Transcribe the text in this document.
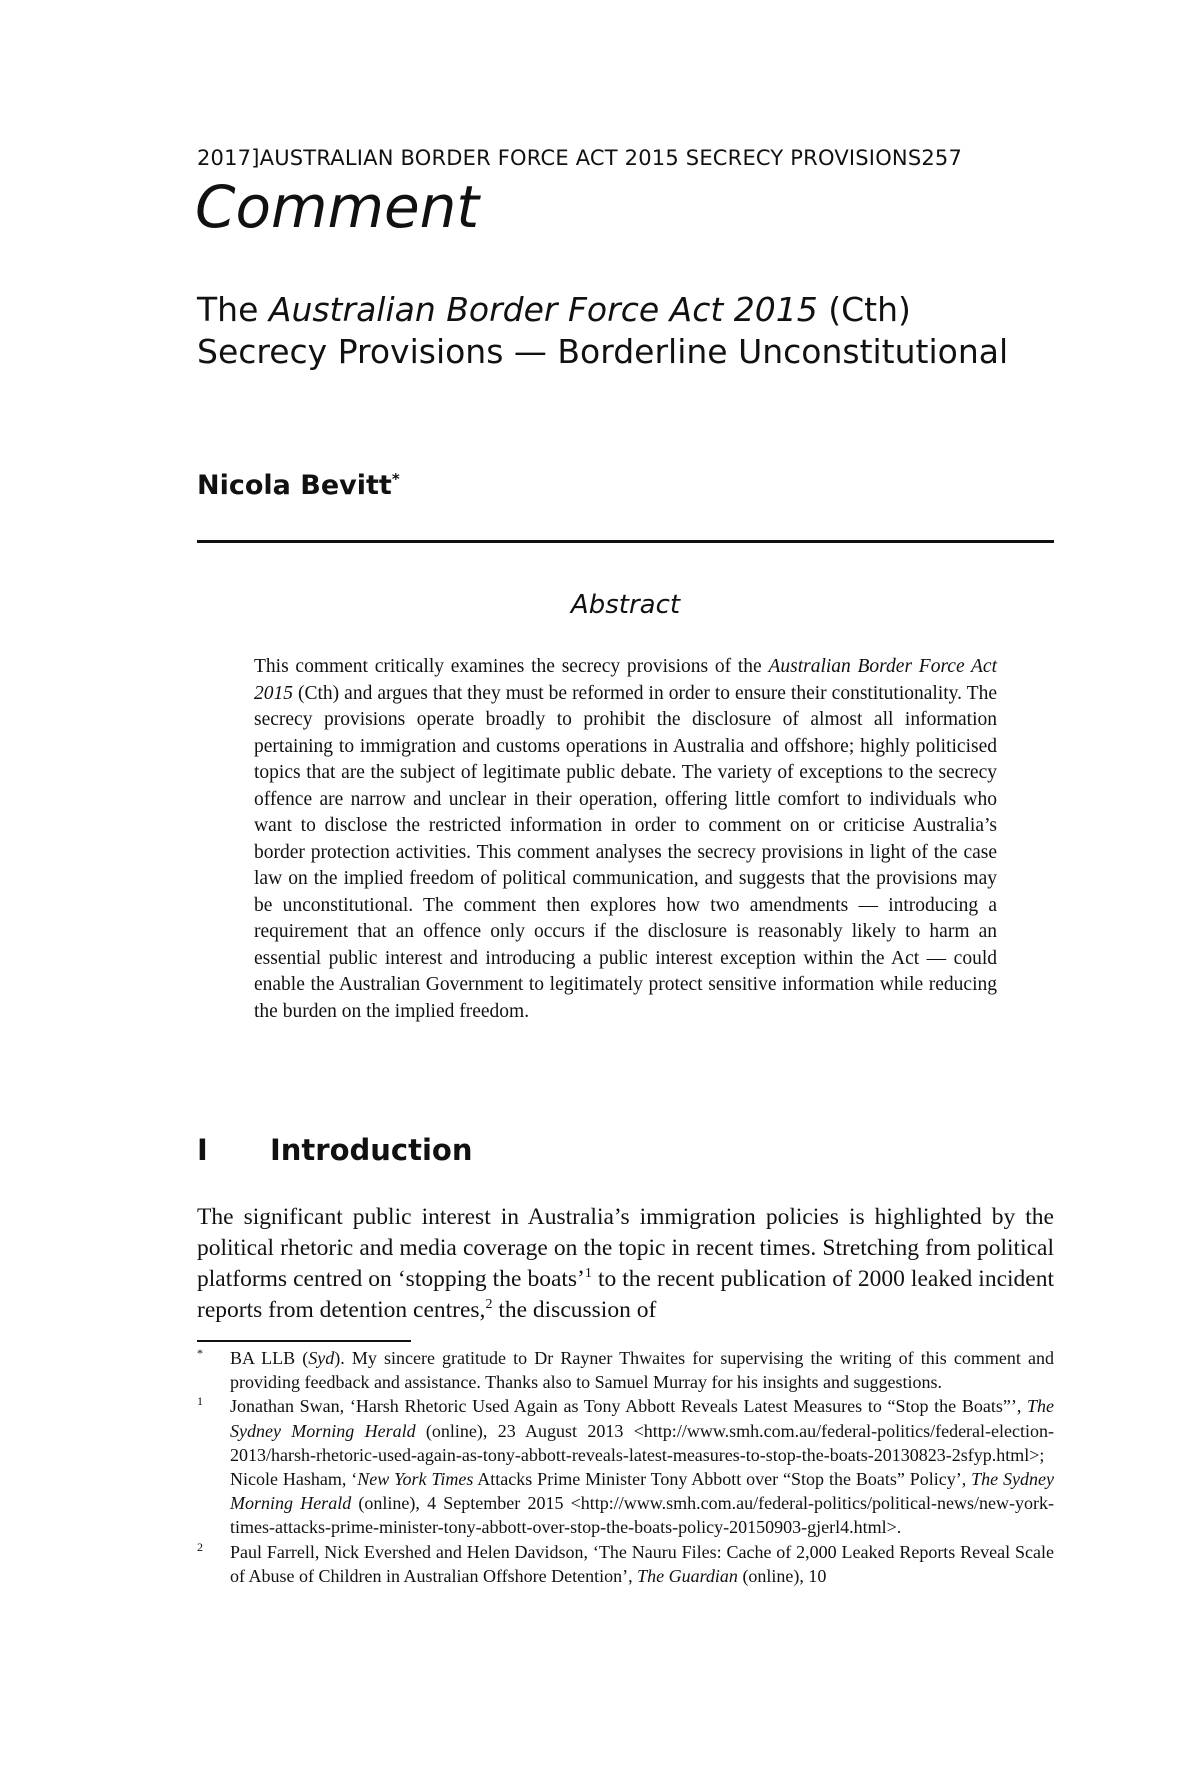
2017]AUSTRALIAN BORDER FORCE ACT 2015 SECRECY PROVISIONS257
Comment
The Australian Border Force Act 2015 (Cth) Secrecy Provisions — Borderline Unconstitutional
Nicola Bevitt*
Abstract
This comment critically examines the secrecy provisions of the Australian Border Force Act 2015 (Cth) and argues that they must be reformed in order to ensure their constitutionality. The secrecy provisions operate broadly to prohibit the disclosure of almost all information pertaining to immigration and customs operations in Australia and offshore; highly politicised topics that are the subject of legitimate public debate. The variety of exceptions to the secrecy offence are narrow and unclear in their operation, offering little comfort to individuals who want to disclose the restricted information in order to comment on or criticise Australia’s border protection activities. This comment analyses the secrecy provisions in light of the case law on the implied freedom of political communication, and suggests that the provisions may be unconstitutional. The comment then explores how two amendments — introducing a requirement that an offence only occurs if the disclosure is reasonably likely to harm an essential public interest and introducing a public interest exception within the Act — could enable the Australian Government to legitimately protect sensitive information while reducing the burden on the implied freedom.
I Introduction
The significant public interest in Australia’s immigration policies is highlighted by the political rhetoric and media coverage on the topic in recent times. Stretching from political platforms centred on ‘stopping the boats’$^1$ to the recent publication of 2000 leaked incident reports from detention centres,$^2$ the discussion of
* BA LLB (Syd). My sincere gratitude to Dr Rayner Thwaites for supervising the writing of this comment and providing feedback and assistance. Thanks also to Samuel Murray for his insights and suggestions.
1 Jonathan Swan, ‘Harsh Rhetoric Used Again as Tony Abbott Reveals Latest Measures to “Stop the Boats”’, The Sydney Morning Herald (online), 23 August 2013 <http://www.smh.com.au/federal-politics/federal-election-2013/harsh-rhetoric-used-again-as-tony-abbott-reveals-latest-measures-to-stop-the-boats-20130823-2sfyp.html>; Nicole Hasham, ‘New York Times Attacks Prime Minister Tony Abbott over “Stop the Boats” Policy’, The Sydney Morning Herald (online), 4 September 2015 <http://www.smh.com.au/federal-politics/political-news/new-york-times-attacks-prime-minister-tony-abbott-over-stop-the-boats-policy-20150903-gjerl4.html>.
2 Paul Farrell, Nick Evershed and Helen Davidson, ‘The Nauru Files: Cache of 2,000 Leaked Reports Reveal Scale of Abuse of Children in Australian Offshore Detention’, The Guardian (online), 10
